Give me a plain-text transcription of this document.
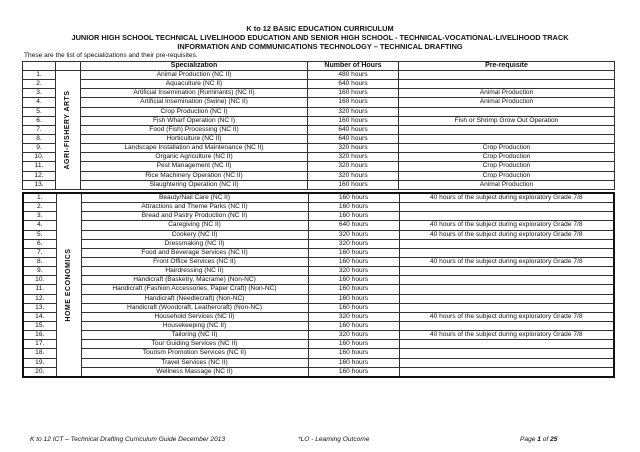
K to 12 BASIC EDUCATION CURRICULUM
JUNIOR HIGH SCHOOL TECHNICAL LIVELIHOOD EDUCATION AND SENIOR HIGH SCHOOL - TECHNICAL-VOCATIONAL-LIVELIHOOD TRACK
INFORMATION AND COMMUNICATIONS TECHNOLOGY – TECHNICAL DRAFTING
These are the list of specializations and their pre-requisites.
		Specialization	Number of Hours	Pre-requisite
1.	AGRI-FISHERY ARTS	Animal Production (NC II)	480 hours	
2.		Aquaculture (NC II)	640 hours	
3.		Artificial Insemination (Ruminants) (NC II)	160 hours	Animal Production
4.		Artificial Insemination (Swine) (NC II)	160 hours	Animal Production
5.		Crop Production (NC I)	320 hours	
6.		Fish Wharf Operation (NC I)	160 hours	Fish or Shrimp Grow Out Operation
7.		Food (Fish) Processing (NC II)	640 hours	
8.		Horticulture (NC II)	640 hours	
9.		Landscape Installation and Maintenance (NC II)	320 hours	Crop Production
10.		Organic Agriculture (NC II)	320 hours	Crop Production
11.		Pest Management (NC II)	320 hours	Crop Production
12.		Rice Machinery Operation (NC II)	320 hours	Crop Production
13.		Slaughtering Operation (NC II)	160 hours	Animal Production
1.	HOME ECONOMICS	Beauty/Nail Care (NC II)	160 hours	40 hours of the subject during exploratory Grade 7/8
2.		Attractions and Theme Parks (NC II)	160 hours	
3.		Bread and Pastry Production (NC II)	160 hours	
4.		Caregiving (NC II)	640 hours	40 hours of the subject during exploratory Grade 7/8
5.		Cookery (NC II)	320 hours	40 hours of the subject during exploratory Grade 7/8
6.		Dressmaking (NC II)	320 hours	
7.		Food and Beverage Services (NC II)	160 hours	
8.		Front Office Services (NC II)	160 hours	40 hours of the subject during exploratory Grade 7/8
9.		Hairdressing (NC II)	320 hours	
10.		Handicraft (Basketry, Macrame) (Non-NC)	160 hours	
11.		Handicraft (Fashion Accessories, Paper Craft) (Non-NC)	160 hours	
12.		Handicraft (Needlecraft) (Non-NC)	160 hours	
13.		Handicraft (Woodcraft, Leathercraft) (Non-NC)	160 hours	
14.		Household Services (NC II)	320 hours	40 hours of the subject during exploratory Grade 7/8
15.		Housekeeping (NC II)	160 hours	
16.		Tailoring (NC II)	320 hours	40 hours of the subject during exploratory Grade 7/8
17.		Tour Guiding Services (NC II)	160 hours	
18.		Tourism Promotion Services (NC II)	160 hours	
19.		Travel Services (NC II)	160 hours	
20.		Wellness Massage (NC II)	160 hours	
K to 12 ICT – Technical Drafting Curriculum Guide December 2013	*LO - Learning Outcome	Page 1 of 25
